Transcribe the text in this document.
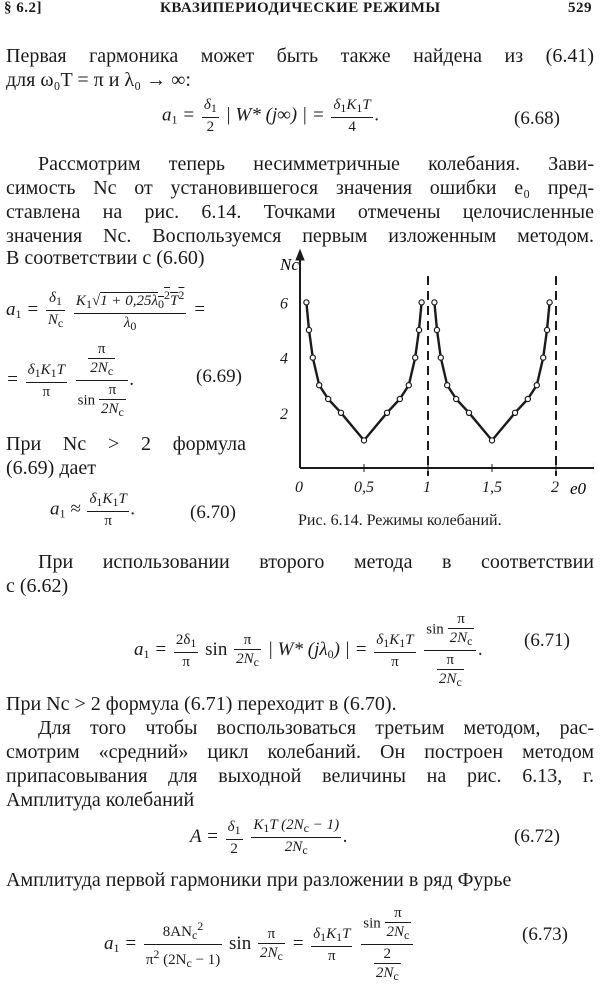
§ 6.2]	КВАЗИПЕРИОДИЧЕСКИЕ РЕЖИМЫ	529
Первая гармоника может быть также найдена из (6.41)
для ω₀T = π и λ₀ → ∞:
$a_1 = \frac{\delta_1}{2}$ | W* (j∞) | = $\frac{\delta_1K_1T}{4}$ .	(6.68)
Рассмотрим теперь несимметричные колебания. Зави-
симость Nc от установившегося значения ошибки e₀ пред-
ставлена на рис. 6.14. Точками отмечены целочисленные
значения Nc. Воспользуемся первым изложенным методом.
В соответствии с (6.60)
$a_1 = \frac{\delta_1}{N_c}$
$\frac{K_1√1 + 0,25\lambda_0^2T^2}{\lambda_0}$ =
= $\frac{\delta_1K_1T}{\pi}$
$\frac{\frac{\pi}{2N_c}}{\sin \frac{\pi}{2N_c}}$ .	(6.69)
При Nc > 2 формула
(6.69) дает
$a_1 \approx \frac{\delta_1K_1T}{\pi}$ .	(6.70)
Nc
e0
0	0,5	1	1,5	2
2
4
6
Рис. 6.14. Режимы колебаний.
При использовании второго метода в соответствии
с (6.62)
$a_1 = \frac{2\delta_1}{\pi}$ $\sin \frac{\pi}{2N_c}$ | W* $(j\lambda_0)$ | = $\frac{\delta_1K_1T}{\pi}$
$\frac{\sin \frac{\pi}{2N_c}}{\frac{\pi}{2N_c}}$ . (6.71)
При Nc > 2 формула (6.71) переходит в (6.70).
Для того чтобы воспользоваться третьим методом, рас-
смотрим «средний» цикл колебаний. Он построен методом
припасовывания для выходной величины на рис. 6.13, г.
Амплитуда колебаний
$A = \frac{\delta_1}{2}$
$\frac{K_1T (2N_c - 1)}{2N_c}$ .	(6.72)
Амплитуда первой гармоники при разложении в ряд Фурье
$a_1 = \frac{8AN_c^2}{\pi^2 (2N_c - 1)}$ $\sin \frac{\pi}{2N_c} = \frac{\delta_1K_1T}{\pi}$
$\frac{\sin \frac{\pi}{2N_c}}{\frac{2}{2N_c}}$	(6.73)
